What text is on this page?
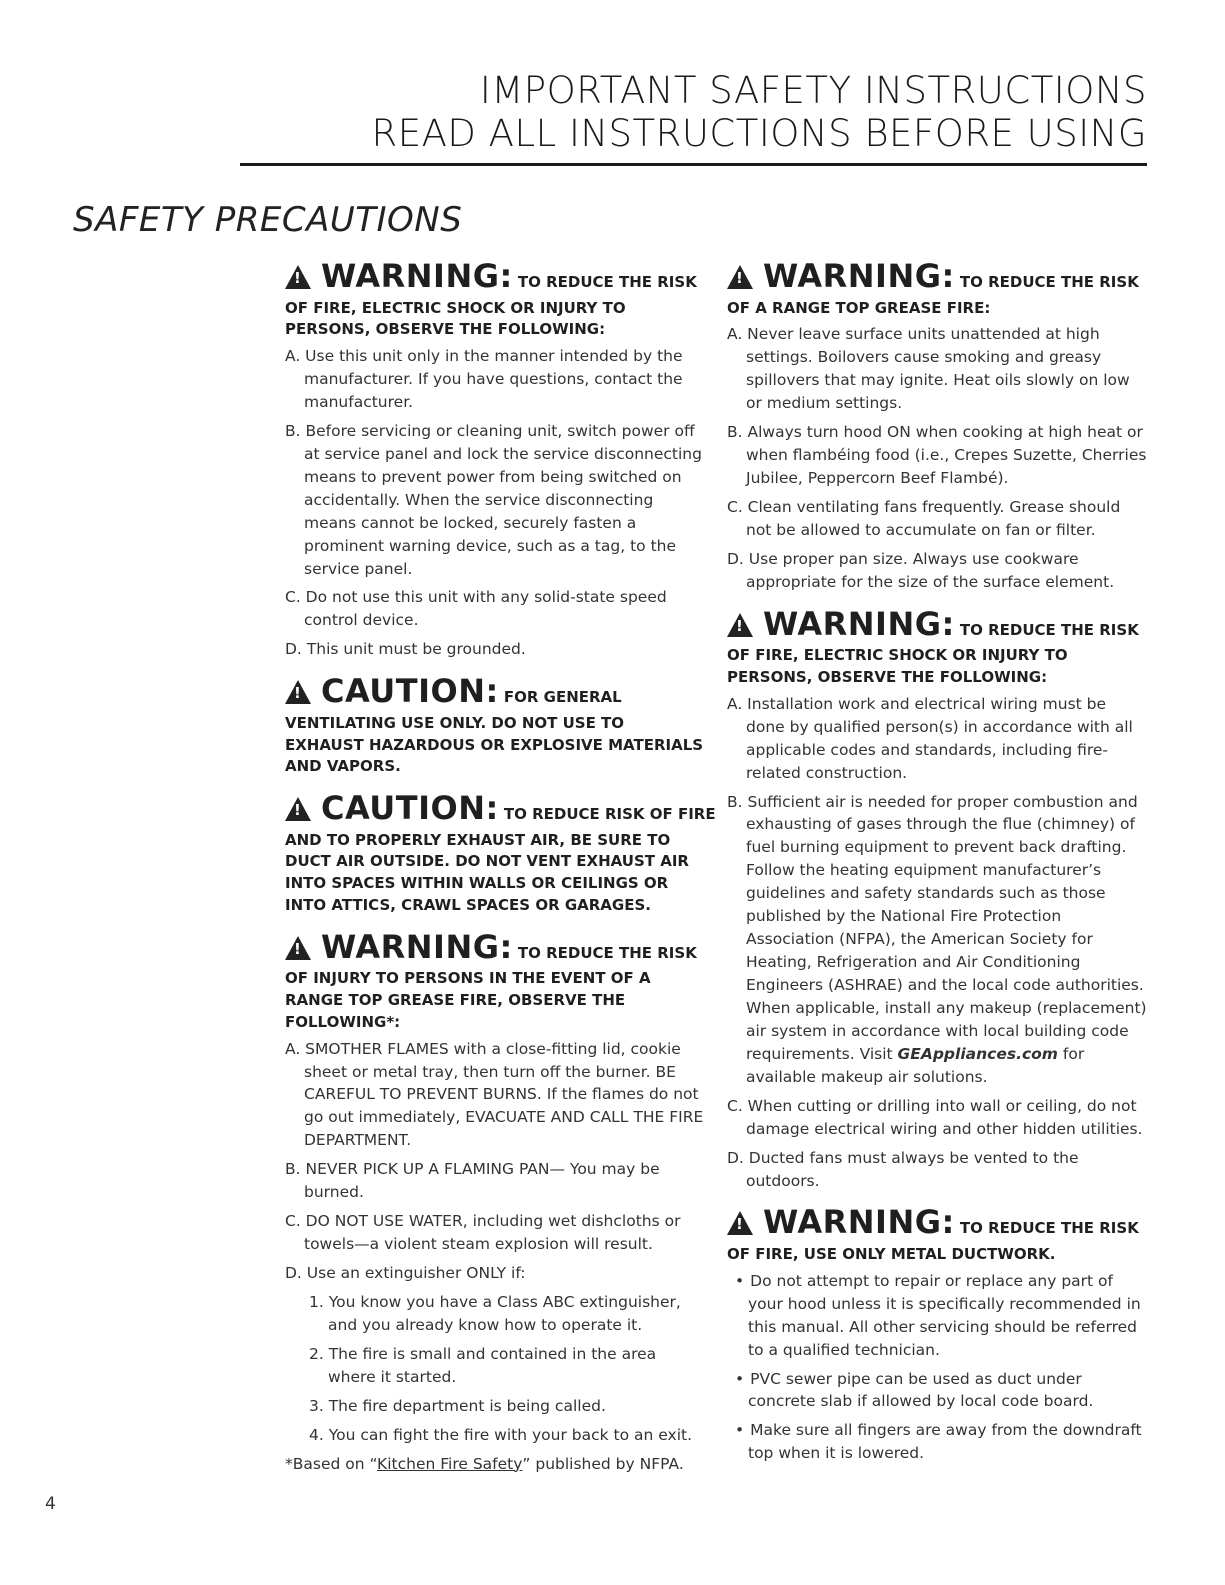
IMPORTANT SAFETY INSTRUCTIONS
READ ALL INSTRUCTIONS BEFORE USING
SAFETY PRECAUTIONS
!WARNING: TO REDUCE THE RISK
OF FIRE, ELECTRIC SHOCK OR INJURY TO PERSONS, OBSERVE THE FOLLOWING:

A. Use this unit only in the manner intended by the manufacturer. If you have questions, contact the manufacturer.

B. Before servicing or cleaning unit, switch power off at service panel and lock the service disconnecting means to prevent power from being switched on accidentally. When the service disconnecting means cannot be locked, securely fasten a prominent warning device, such as a tag, to the service panel.

C. Do not use this unit with any solid-state speed control device.

D. This unit must be grounded.

!CAUTION: FOR GENERAL
VENTILATING USE ONLY. DO NOT USE TO EXHAUST HAZARDOUS OR EXPLOSIVE MATERIALS AND VAPORS.
!CAUTION: TO REDUCE RISK OF FIRE
AND TO PROPERLY EXHAUST AIR, BE SURE TO DUCT AIR OUTSIDE. DO NOT VENT EXHAUST AIR INTO SPACES WITHIN WALLS OR CEILINGS OR INTO ATTICS, CRAWL SPACES OR GARAGES.
!WARNING: TO REDUCE THE RISK
OF INJURY TO PERSONS IN THE EVENT OF A RANGE TOP GREASE FIRE, OBSERVE THE FOLLOWING*:

A. SMOTHER FLAMES with a close-fitting lid, cookie sheet or metal tray, then turn off the burner. BE CAREFUL TO PREVENT BURNS. If the flames do not go out immediately, EVACUATE AND CALL THE FIRE DEPARTMENT.

B. NEVER PICK UP A FLAMING PAN— You may be burned.

C. DO NOT USE WATER, including wet dishcloths or towels—a violent steam explosion will result.

D. Use an extinguisher ONLY if:

1. You know you have a Class ABC extinguisher, and you already know how to operate it.

2. The fire is small and contained in the area where it started.

3. The fire department is being called.

4. You can fight the fire with your back to an exit.

*Based on “Kitchen Fire Safety” published by NFPA.

!WARNING: TO REDUCE THE RISK
OF A RANGE TOP GREASE FIRE:

A. Never leave surface units unattended at high settings. Boilovers cause smoking and greasy spillovers that may ignite. Heat oils slowly on low or medium settings.

B. Always turn hood ON when cooking at high heat or when flambéing food (i.e., Crepes Suzette, Cherries Jubilee, Peppercorn Beef Flambé).

C. Clean ventilating fans frequently. Grease should not be allowed to accumulate on fan or filter.

D. Use proper pan size. Always use cookware appropriate for the size of the surface element.

!WARNING: TO REDUCE THE RISK
OF FIRE, ELECTRIC SHOCK OR INJURY TO PERSONS, OBSERVE THE FOLLOWING:

A. Installation work and electrical wiring must be done by qualified person(s) in accordance with all applicable codes and standards, including fire-related construction.

B. Sufficient air is needed for proper combustion and exhausting of gases through the flue (chimney) of fuel burning equipment to prevent back drafting. Follow the heating equipment manufacturer’s guidelines and safety standards such as those published by the National Fire Protection Association (NFPA), the American Society for Heating, Refrigeration and Air Conditioning Engineers (ASHRAE) and the local code authorities. When applicable, install any makeup (replacement) air system in accordance with local building code requirements. Visit GEAppliances.com for available makeup air solutions.

C. When cutting or drilling into wall or ceiling, do not damage electrical wiring and other hidden utilities.

D. Ducted fans must always be vented to the outdoors.

!WARNING: TO REDUCE THE RISK
OF FIRE, USE ONLY METAL DUCTWORK.

• Do not attempt to repair or replace any part of your hood unless it is specifically recommended in this manual. All other servicing should be referred to a qualified technician.

• PVC sewer pipe can be used as duct under concrete slab if allowed by local code board.

• Make sure all fingers are away from the downdraft top when it is lowered.

4
